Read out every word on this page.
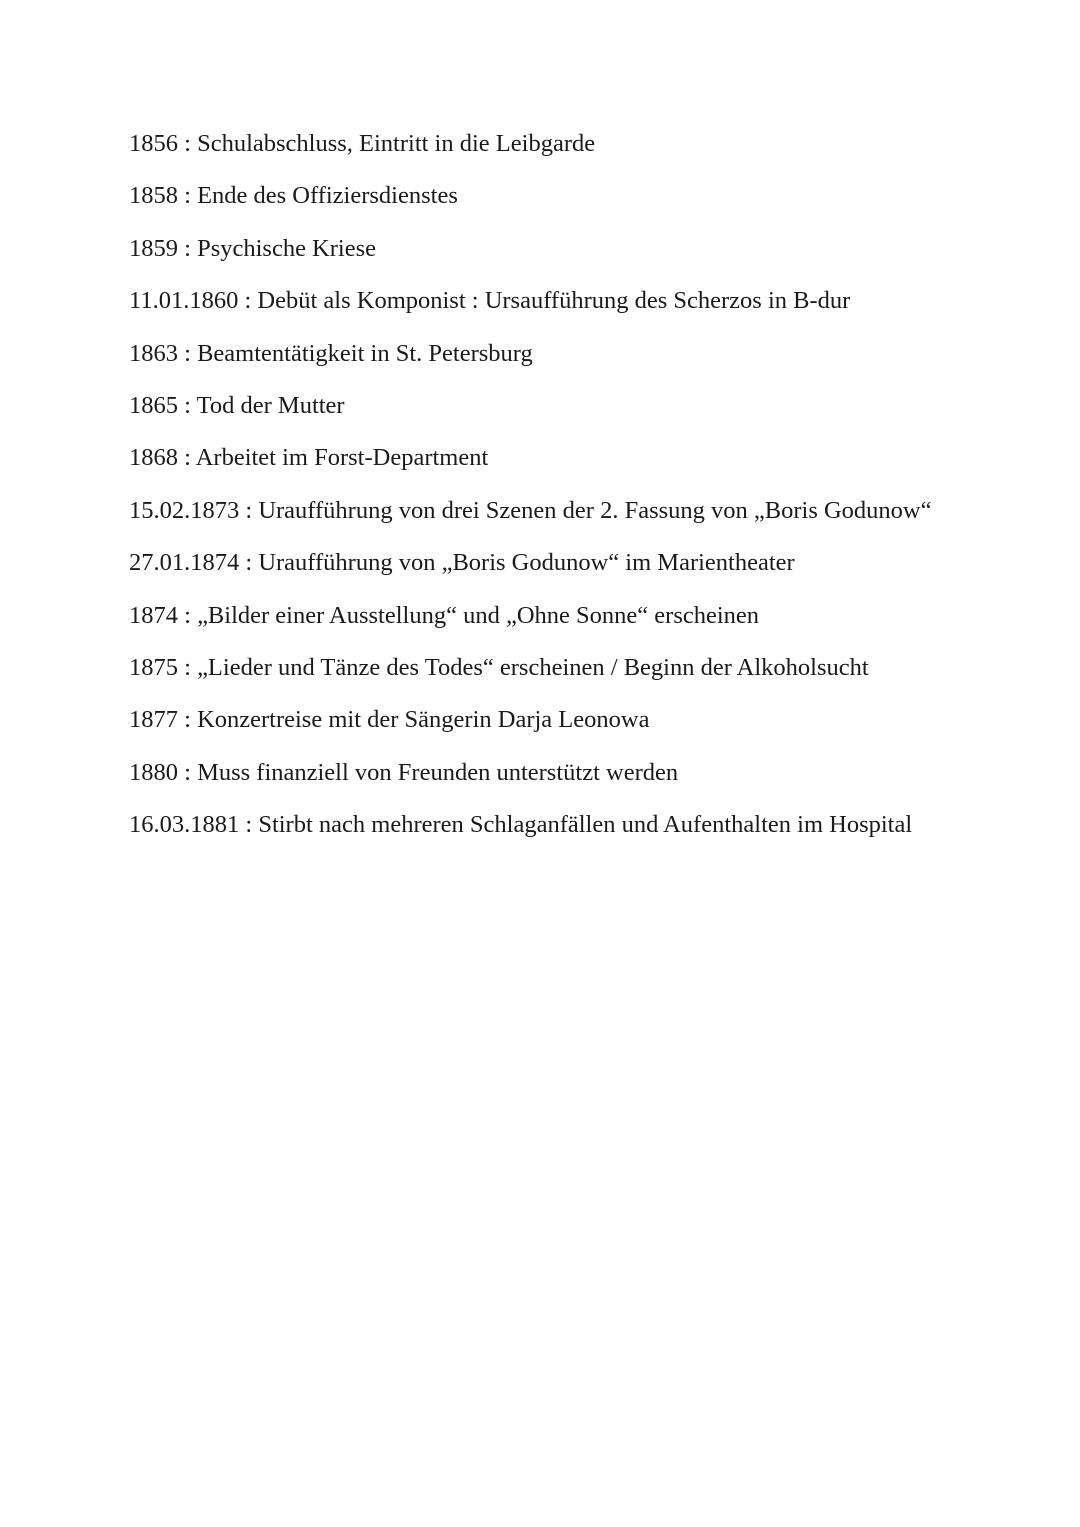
1856 : Schulabschluss, Eintritt in die Leibgarde
1858 : Ende des Offiziersdienstes
1859 : Psychische Kriese
11.01.1860 : Debüt als Komponist : Ursaufführung des Scherzos in B-dur
1863 : Beamtentätigkeit in St. Petersburg
1865 : Tod der Mutter
1868 : Arbeitet im Forst-Department
15.02.1873 : Uraufführung von drei Szenen der 2. Fassung von „Boris Godunow“
27.01.1874 : Uraufführung von „Boris Godunow“ im Marientheater
1874 : „Bilder einer Ausstellung“ und „Ohne Sonne“ erscheinen
1875 : „Lieder und Tänze des Todes“ erscheinen / Beginn der Alkoholsucht
1877 : Konzertreise mit der Sängerin Darja Leonowa
1880 : Muss finanziell von Freunden unterstützt werden
16.03.1881 : Stirbt nach mehreren Schlaganfällen und Aufenthalten im Hospital
